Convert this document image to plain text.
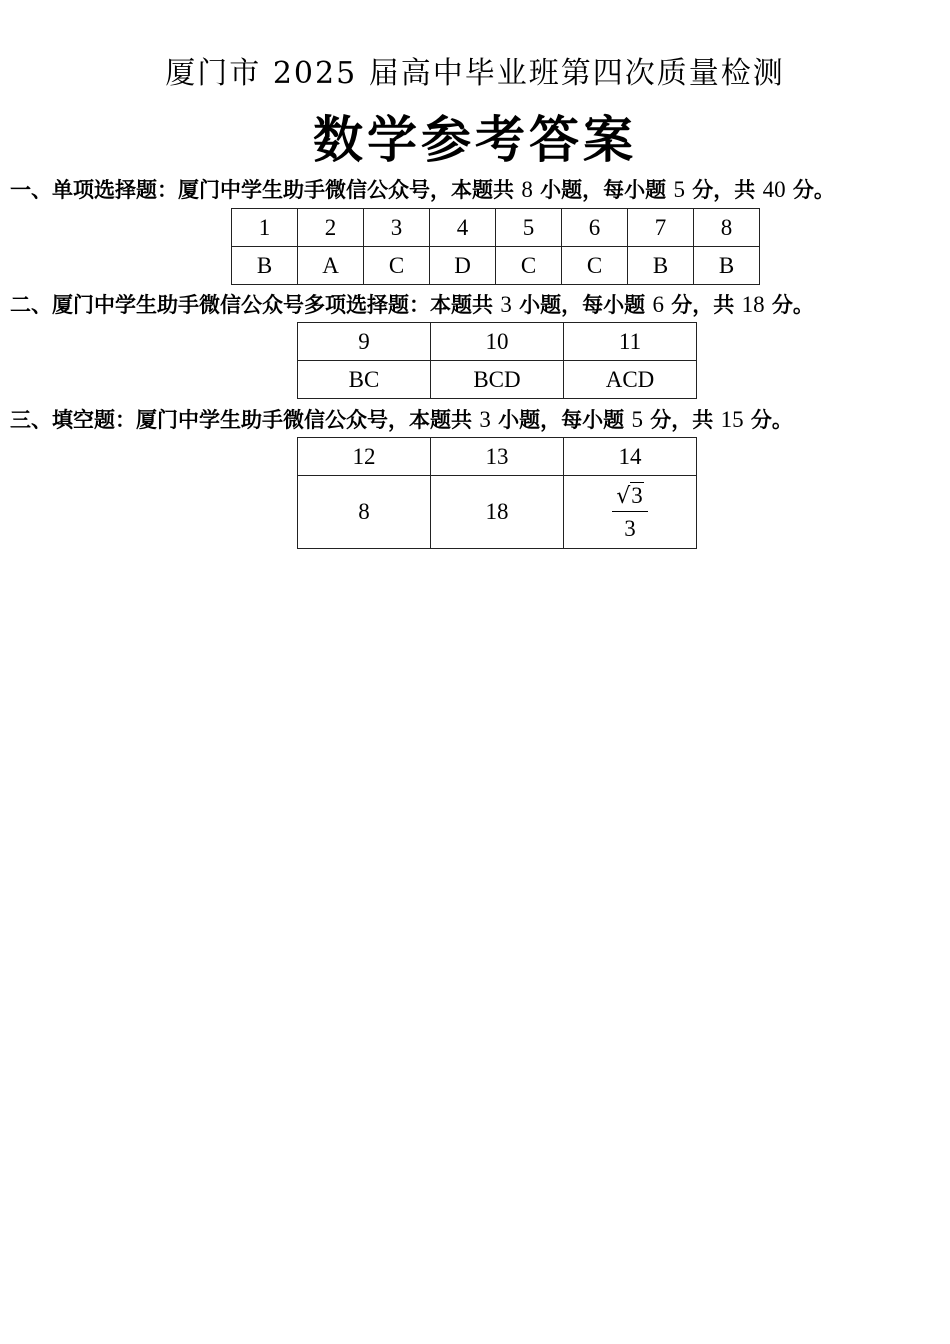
厦门市 2025 届高中毕业班第四次质量检测
数学参考答案
一、单项选择题：厦门中学生助手微信公众号，本题共 8 小题，每小题 5 分，共 40 分。
1	2	3	4	5	6	7	8
B	A	C	D	C	C	B	B
二、厦门中学生助手微信公众号多项选择题：本题共 3 小题，每小题 6 分，共 18 分。
9	10	11
BC	BCD	ACD
三、填空题：厦门中学生助手微信公众号，本题共 3 小题，每小题 5 分，共 15 分。
12	13	14
8	18	$\frac{√3}{3}$
